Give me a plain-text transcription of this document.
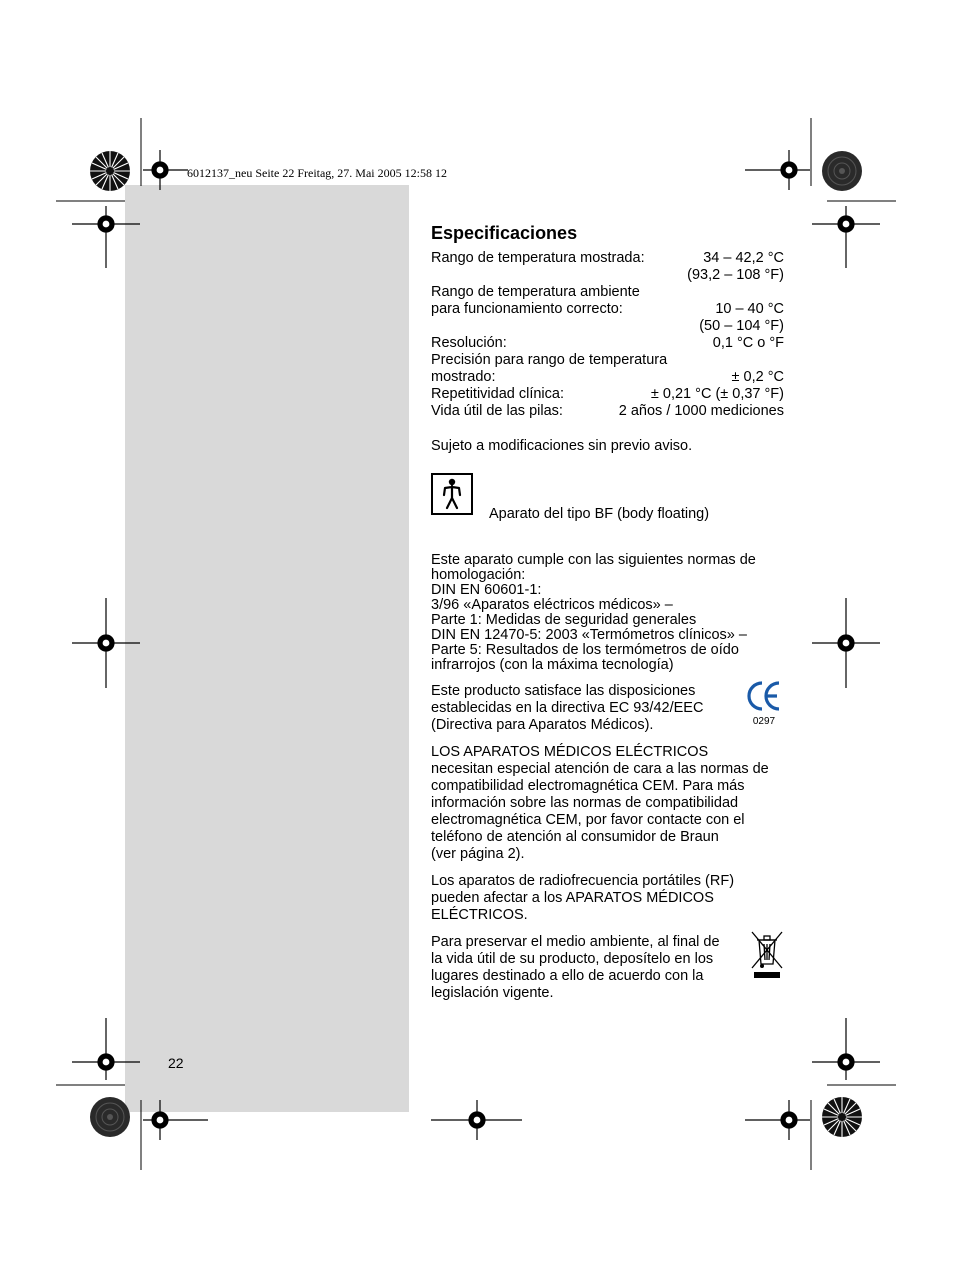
6012137_neu Seite 22 Freitag, 27. Mai 2005 12:58 12
22
Especificaciones
Rango de temperatura mostrada:	34 – 42,2 °C
(93,2 – 108 °F)
Rango de temperatura ambiente
para funcionamiento correcto:	10 – 40 °C
(50 – 104 °F)
Resolución:	0,1 °C o °F
Precisión para rango de temperatura
mostrado:	± 0,2 °C
Repetitividad clínica:	± 0,21 °C (± 0,37 °F)
Vida útil de las pilas:	2 años / 1000 mediciones
Sujeto a modificaciones sin previo aviso.
Aparato del tipo BF (body floating)
Este aparato cumple con las siguientes normas de
homologación:
DIN EN 60601-1:
3/96 «Aparatos eléctricos médicos» –
Parte 1: Medidas de seguridad generales
DIN EN 12470-5: 2003 «Termómetros clínicos» –
Parte 5: Resultados de los termómetros de oído
infrarrojos (con la máxima tecnología)
Este producto satisface las disposiciones
establecidas en la directiva EC 93/42/EEC
(Directiva para Aparatos Médicos).	0297
LOS APARATOS MÉDICOS ELÉCTRICOS
necesitan especial atención de cara a las normas de
compatibilidad electromagnética CEM. Para más
información sobre las normas de compatibilidad
electromagnética CEM, por favor contacte con el
teléfono de atención al consumidor de Braun
(ver página 2).
Los aparatos de radiofrecuencia portátiles (RF)
pueden afectar a los APARATOS MÉDICOS
ELÉCTRICOS.
Para preservar el medio ambiente, al final de
la vida útil de su producto, deposítelo en los
lugares destinado a ello de acuerdo con la
legislación vigente.
